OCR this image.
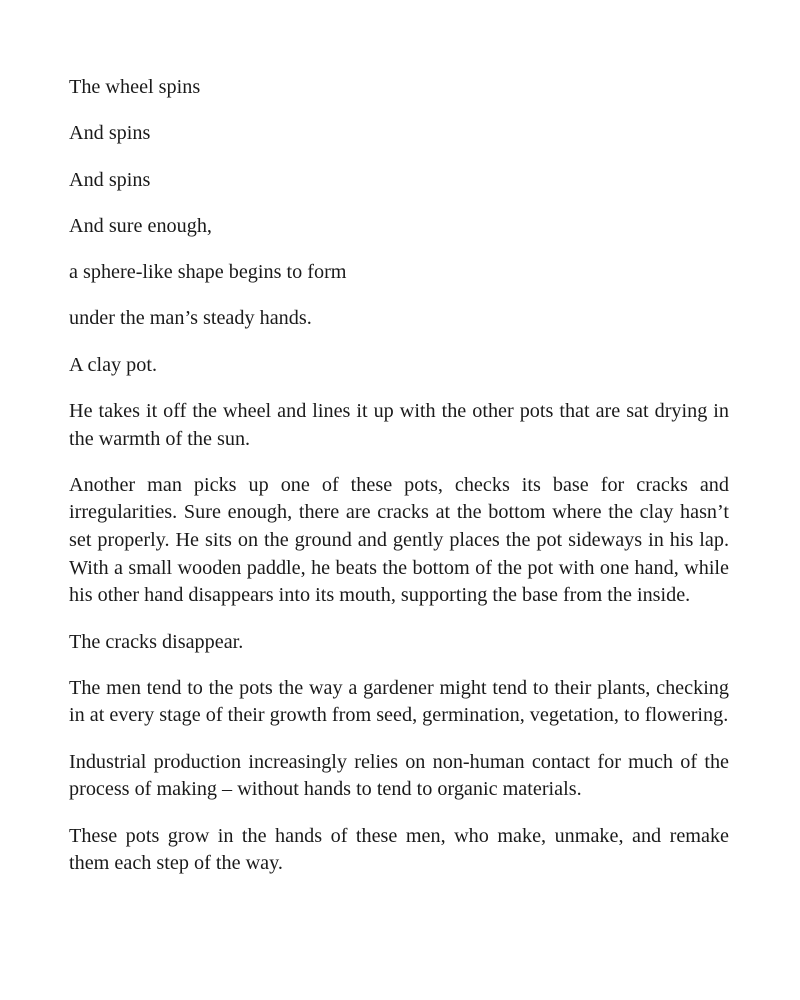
The wheel spins

And spins

And spins

And sure enough,

a sphere-like shape begins to form

under the man’s steady hands.

A clay pot.

He takes it off the wheel and lines it up with the other pots that are sat drying in the warmth of the sun.

Another man picks up one of these pots, checks its base for cracks and irregularities. Sure enough, there are cracks at the bottom where the clay hasn’t set properly. He sits on the ground and gently places the pot sideways in his lap. With a small wooden paddle, he beats the bottom of the pot with one hand, while his other hand disappears into its mouth, supporting the base from the inside.

The cracks disappear.

The men tend to the pots the way a gardener might tend to their plants, checking in at every stage of their growth from seed, germination, vegetation, to flowering.

Industrial production increasingly relies on non-human contact for much of the process of making – without hands to tend to organic materials.

These pots grow in the hands of these men, who make, unmake, and remake them each step of the way.
